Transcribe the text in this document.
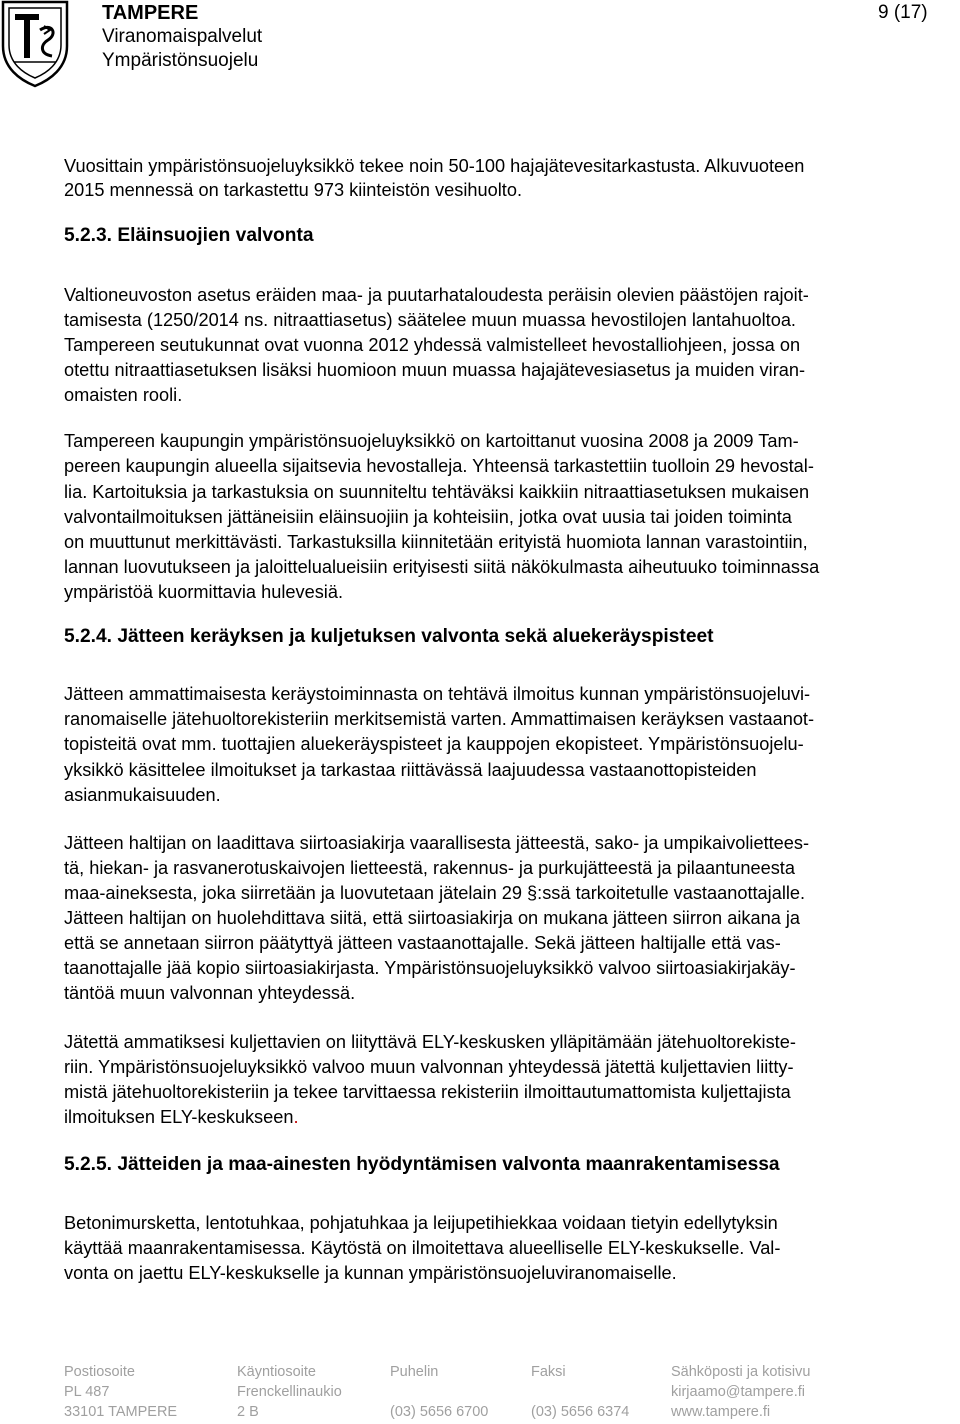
TAMPERE
Viranomaispalvelut
Ympäristönsuojelu
9 (17)
Vuosittain ympäristönsuojeluyksikkö tekee noin 50-100 hajajätevesitarkastusta. Alkuvuoteen
2015 mennessä on tarkastettu 973 kiinteistön vesihuolto.
5.2.3. Eläinsuojien valvonta
Valtioneuvoston asetus eräiden maa- ja puutarhataloudesta peräisin olevien päästöjen rajoit-
tamisesta (1250/2014 ns. nitraattiasetus) säätelee muun muassa hevostilojen lantahuoltoa.
Tampereen seutukunnat ovat vuonna 2012 yhdessä valmistelleet hevostalliohjeen, jossa on
otettu nitraattiasetuksen lisäksi huomioon muun muassa hajajätevesiasetus ja muiden viran-
omaisten rooli.
Tampereen kaupungin ympäristönsuojeluyksikkö on kartoittanut vuosina 2008 ja 2009 Tam-
pereen kaupungin alueella sijaitsevia hevostalleja. Yhteensä tarkastettiin tuolloin 29 hevostal-
lia. Kartoituksia ja tarkastuksia on suunniteltu tehtäväksi kaikkiin nitraattiasetuksen mukaisen
valvontailmoituksen jättäneisiin eläinsuojiin ja kohteisiin, jotka ovat uusia tai joiden toiminta
on muuttunut merkittävästi. Tarkastuksilla kiinnitetään erityistä huomiota lannan varastointiin,
lannan luovutukseen ja jaloittelualueisiin erityisesti siitä näkökulmasta aiheutuuko toiminnassa
ympäristöä kuormittavia hulevesiä.
5.2.4. Jätteen keräyksen ja kuljetuksen valvonta sekä aluekeräyspisteet
Jätteen ammattimaisesta keräystoiminnasta on tehtävä ilmoitus kunnan ympäristönsuojeluvi-
ranomaiselle jätehuoltorekisteriin merkitsemistä varten. Ammattimaisen keräyksen vastaanot-
topisteitä ovat mm. tuottajien aluekeräyspisteet ja kauppojen ekopisteet. Ympäristönsuojelu-
yksikkö käsittelee ilmoitukset ja tarkastaa riittävässä laajuudessa vastaanottopisteiden
asianmukaisuuden.
Jätteen haltijan on laadittava siirtoasiakirja vaarallisesta jätteestä, sako- ja umpikaivoliettees-
tä, hiekan- ja rasvanerotuskaivojen lietteestä, rakennus- ja purkujätteestä ja pilaantuneesta
maa-aineksesta, joka siirretään ja luovutetaan jätelain 29 §:ssä tarkoitetulle vastaanottajalle.
Jätteen haltijan on huolehdittava siitä, että siirtoasiakirja on mukana jätteen siirron aikana ja
että se annetaan siirron päätyttyä jätteen vastaanottajalle. Sekä jätteen haltijalle että vas-
taanottajalle jää kopio siirtoasiakirjasta. Ympäristönsuojeluyksikkö valvoo siirtoasiakirjakäy-
täntöä muun valvonnan yhteydessä.
Jätettä ammatiksesi kuljettavien on liityttävä ELY-keskusken ylläpitämään jätehuoltorekiste-
riin. Ympäristönsuojeluyksikkö valvoo muun valvonnan yhteydessä jätettä kuljettavien liitty-
mistä jätehuoltorekisteriin ja tekee tarvittaessa rekisteriin ilmoittautumattomista kuljettajista
ilmoituksen ELY-keskukseen.
5.2.5. Jätteiden ja maa-ainesten hyödyntämisen valvonta maanrakentamisessa
Betonimursketta, lentotuhkaa, pohjatuhkaa ja leijupetihiekkaa voidaan tietyin edellytyksin
käyttää maanrakentamisessa. Käytöstä on ilmoitettava alueelliselle ELY-keskukselle. Val-
vonta on jaettu ELY-keskukselle ja kunnan ympäristönsuojeluviranomaiselle.
Postiosoite
PL 487
33101 TAMPERE
Käyntiosoite
Frenckellinaukio
2 B
Puhelin

(03) 5656 6700
Faksi

(03) 5656 6374
Sähköposti ja kotisivu
kirjaamo@tampere.fi
www.tampere.fi
